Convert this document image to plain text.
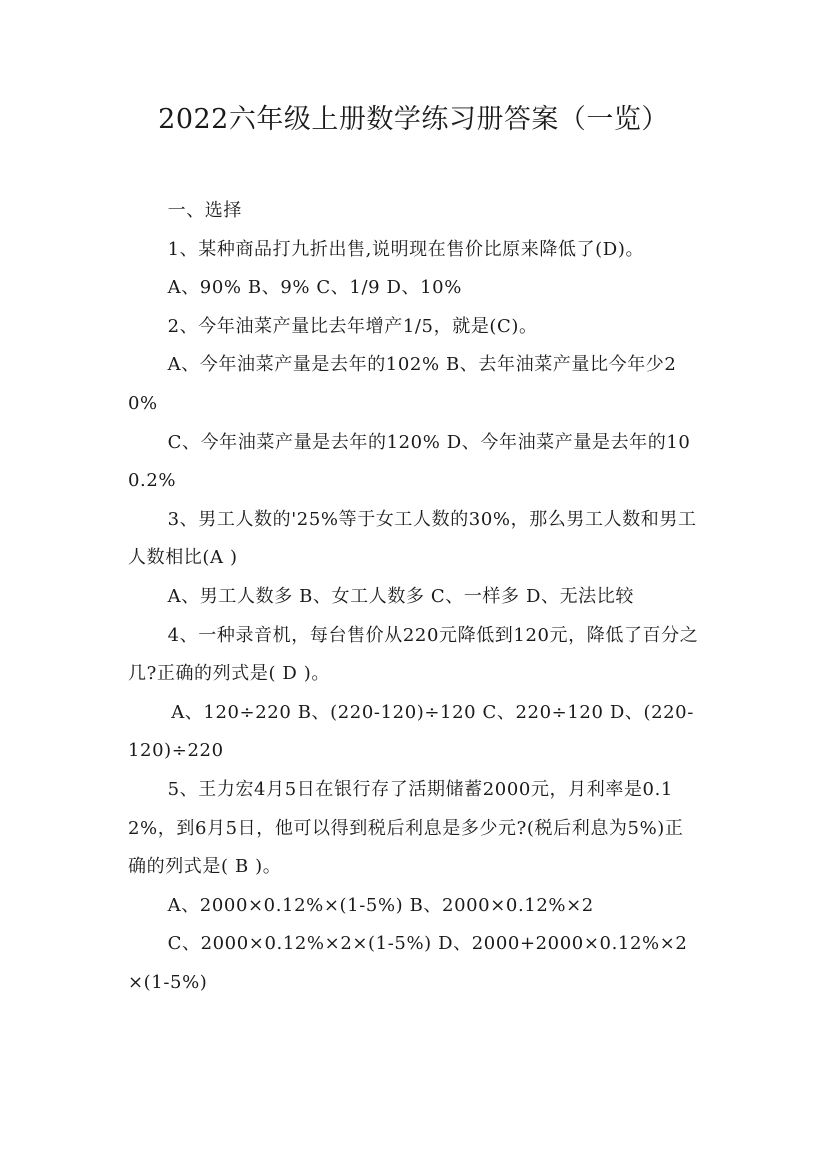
2022六年级上册数学练习册答案（一览）

一、选择

1、某种商品打九折出售,说明现在售价比原来降低了(D)。

A、90% B、9% C、1/9 D、10%

2、今年油菜产量比去年增产1/5，就是(C)。

A、今年油菜产量是去年的102% B、去年油菜产量比今年少20%

C、今年油菜产量是去年的120% D、今年油菜产量是去年的100.2%

3、男工人数的'25%等于女工人数的30%，那么男工人数和男工人数相比(A )

A、男工人数多 B、女工人数多 C、一样多 D、无法比较

4、一种录音机，每台售价从220元降低到120元，降低了百分之几?正确的列式是( D )。

A、120÷220 B、(220-120)÷120 C、220÷120 D、(220-120)÷220

5、王力宏4月5日在银行存了活期储蓄2000元，月利率是0.12%，到6月5日，他可以得到税后利息是多少元?(税后利息为5%)正确的列式是( B )。

A、2000×0.12%×(1-5%) B、2000×0.12%×2

C、2000×0.12%×2×(1-5%) D、2000+2000×0.12%×2×(1-5%)
